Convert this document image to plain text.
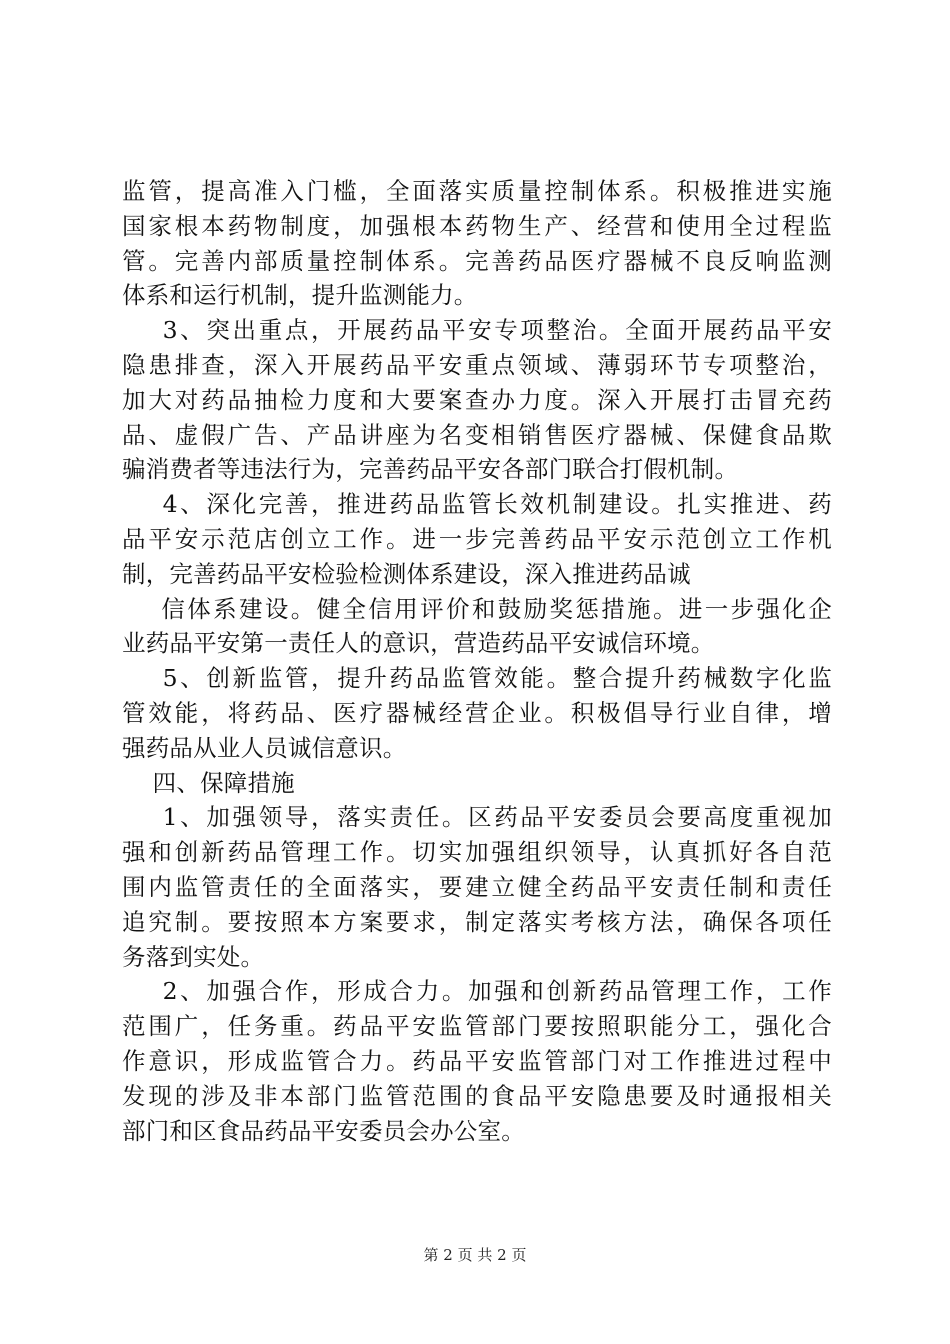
监管，提高准入门槛，全面落实质量控制体系。积极推进实施
国家根本药物制度，加强根本药物生产、经营和使用全过程监
管。完善内部质量控制体系。完善药品医疗器械不良反响监测
体系和运行机制，提升监测能力。
3、突出重点，开展药品平安专项整治。全面开展药品平安
隐患排查，深入开展药品平安重点领域、薄弱环节专项整治，
加大对药品抽检力度和大要案查办力度。深入开展打击冒充药
品、虚假广告、产品讲座为名变相销售医疗器械、保健食品欺
骗消费者等违法行为，完善药品平安各部门联合打假机制。
4、深化完善，推进药品监管长效机制建设。扎实推进、药
品平安示范店创立工作。进一步完善药品平安示范创立工作机
制，完善药品平安检验检测体系建设，深入推进药品诚
信体系建设。健全信用评价和鼓励奖惩措施。进一步强化企
业药品平安第一责任人的意识，营造药品平安诚信环境。
5、创新监管，提升药品监管效能。整合提升药械数字化监
管效能，将药品、医疗器械经营企业。积极倡导行业自律，增
强药品从业人员诚信意识。
四、保障措施
1、加强领导，落实责任。区药品平安委员会要高度重视加
强和创新药品管理工作。切实加强组织领导，认真抓好各自范
围内监管责任的全面落实，要建立健全药品平安责任制和责任
追究制。要按照本方案要求，制定落实考核方法，确保各项任
务落到实处。
2、加强合作，形成合力。加强和创新药品管理工作，工作
范围广，任务重。药品平安监管部门要按照职能分工，强化合
作意识，形成监管合力。药品平安监管部门对工作推进过程中
发现的涉及非本部门监管范围的食品平安隐患要及时通报相关
部门和区食品药品平安委员会办公室。
第 2 页 共 2 页
